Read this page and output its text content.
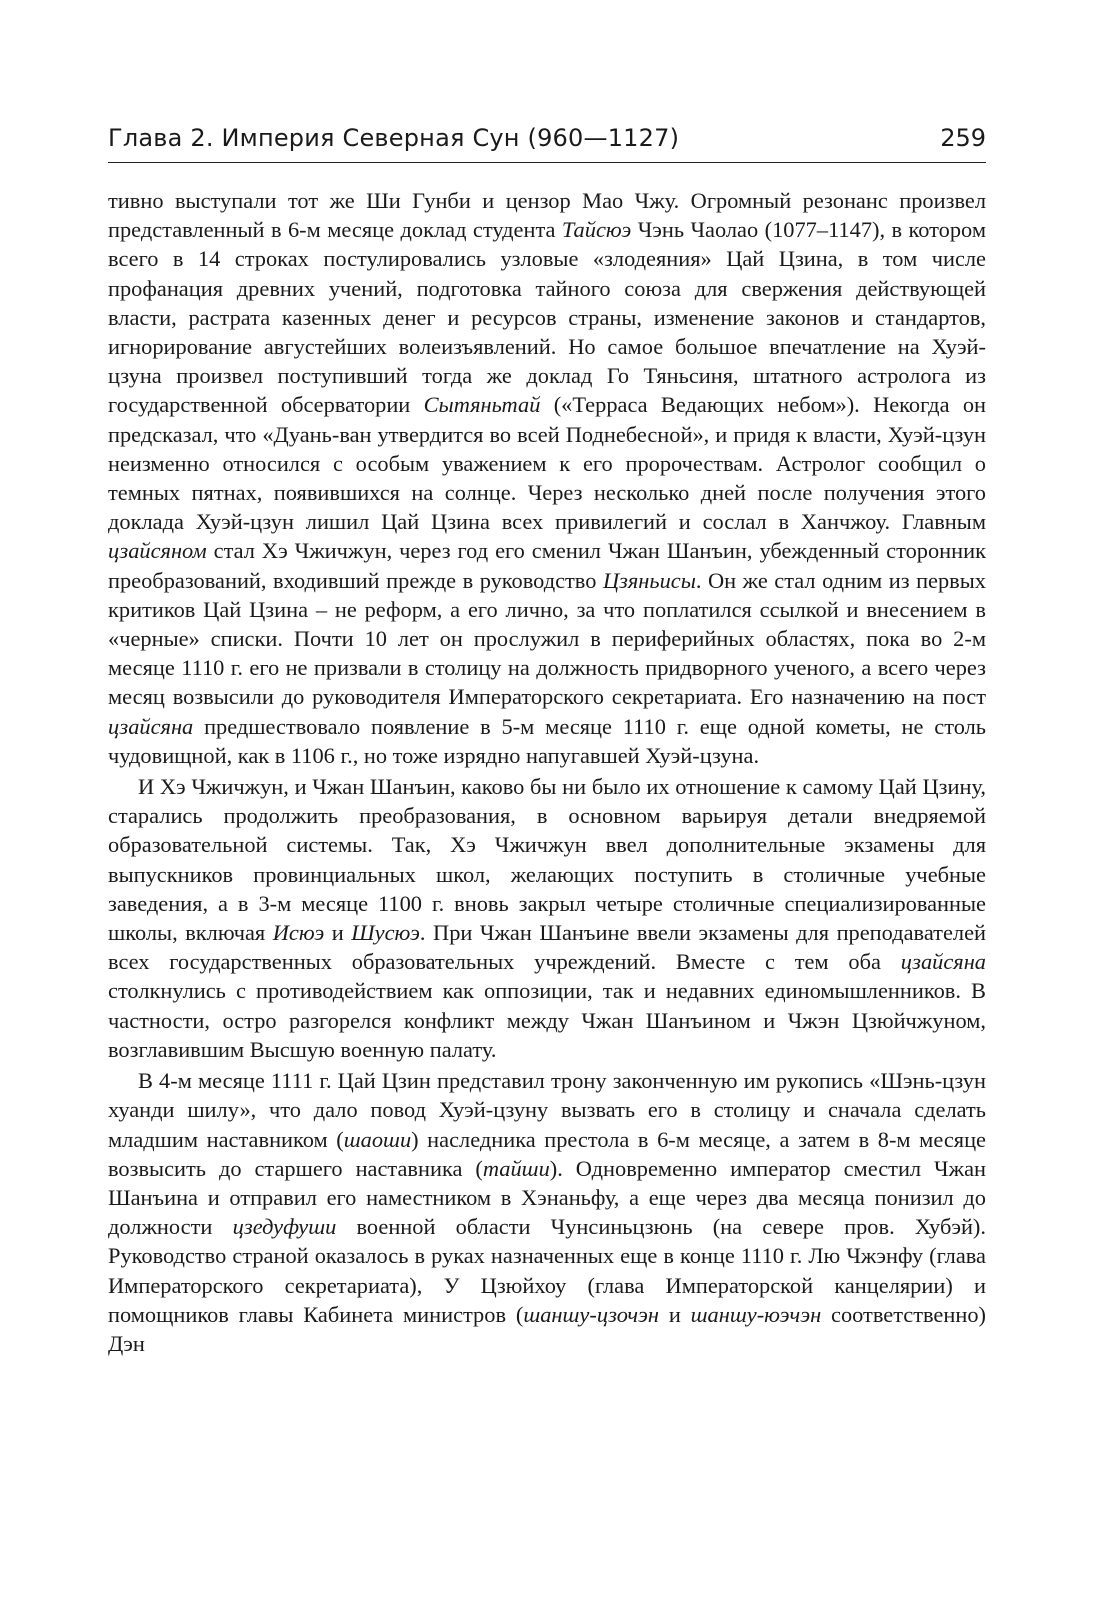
Глава 2. Империя Северная Сун (960—1127)	259

тивно выступали тот же Ши Гунби и цензор Мао Чжу. Огромный резонанс произвел представленный в 6-м месяце доклад студента Тайсюэ Чэнь Чаолао (1077–1147), в котором всего в 14 строках постулировались узловые «злодеяния» Цай Цзина, в том числе профанация древних учений, подготовка тайного союза для свержения действующей власти, растрата казенных денег и ресурсов страны, изменение законов и стандартов, игнорирование августейших волеизъявлений. Но самое большое впечатление на Хуэй-цзуна произвел поступивший тогда же доклад Го Тяньсиня, штатного астролога из государственной обсерватории Сытяньтай («Терраса Ведающих небом»). Некогда он предсказал, что «Дуань-ван утвердится во всей Поднебесной», и придя к власти, Хуэй-цзун неизменно относился с особым уважением к его пророчествам. Астролог сообщил о темных пятнах, появившихся на солнце. Через несколько дней после получения этого доклада Хуэй-цзун лишил Цай Цзина всех привилегий и сослал в Ханчжоу. Главным цзайсяном стал Хэ Чжичжун, через год его сменил Чжан Шанъин, убежденный сторонник преобразований, входивший прежде в руководство Цзяньисы. Он же стал одним из первых критиков Цай Цзина – не реформ, а его лично, за что поплатился ссылкой и внесением в «черные» списки. Почти 10 лет он прослужил в периферийных областях, пока во 2-м месяце 1110 г. его не призвали в столицу на должность придворного ученого, а всего через месяц возвысили до руководителя Императорского секретариата. Его назначению на пост цзайсяна предшествовало появление в 5-м месяце 1110 г. еще одной кометы, не столь чудовищной, как в 1106 г., но тоже изрядно напугавшей Хуэй-цзуна.

И Хэ Чжичжун, и Чжан Шанъин, каково бы ни было их отношение к самому Цай Цзину, старались продолжить преобразования, в основном варьируя детали внедряемой образовательной системы. Так, Хэ Чжичжун ввел дополнительные экзамены для выпускников провинциальных школ, желающих поступить в столичные учебные заведения, а в 3-м месяце 1100 г. вновь закрыл четыре столичные специализированные школы, включая Исюэ и Шусюэ. При Чжан Шанъине ввели экзамены для преподавателей всех государственных образовательных учреждений. Вместе с тем оба цзайсяна столкнулись с противодействием как оппозиции, так и недавних единомышленников. В частности, остро разгорелся конфликт между Чжан Шанъином и Чжэн Цзюйчжуном, возглавившим Высшую военную палату.

В 4-м месяце 1111 г. Цай Цзин представил трону законченную им рукопись «Шэнь-цзун хуанди шилу», что дало повод Хуэй-цзуну вызвать его в столицу и сначала сделать младшим наставником (шаоши) наследника престола в 6-м месяце, а затем в 8-м месяце возвысить до старшего наставника (тайши). Одновременно император сместил Чжан Шанъина и отправил его наместником в Хэнаньфу, а еще через два месяца понизил до должности цзедуфуши военной области Чунсиньцзюнь (на севере пров. Хубэй). Руководство страной оказалось в руках назначенных еще в конце 1110 г. Лю Чжэнфу (глава Императорского секретариата), У Цзюйхоу (глава Императорской канцелярии) и помощников главы Кабинета министров (шаншу-цзочэн и шаншу-юэчэн соответственно) Дэн
